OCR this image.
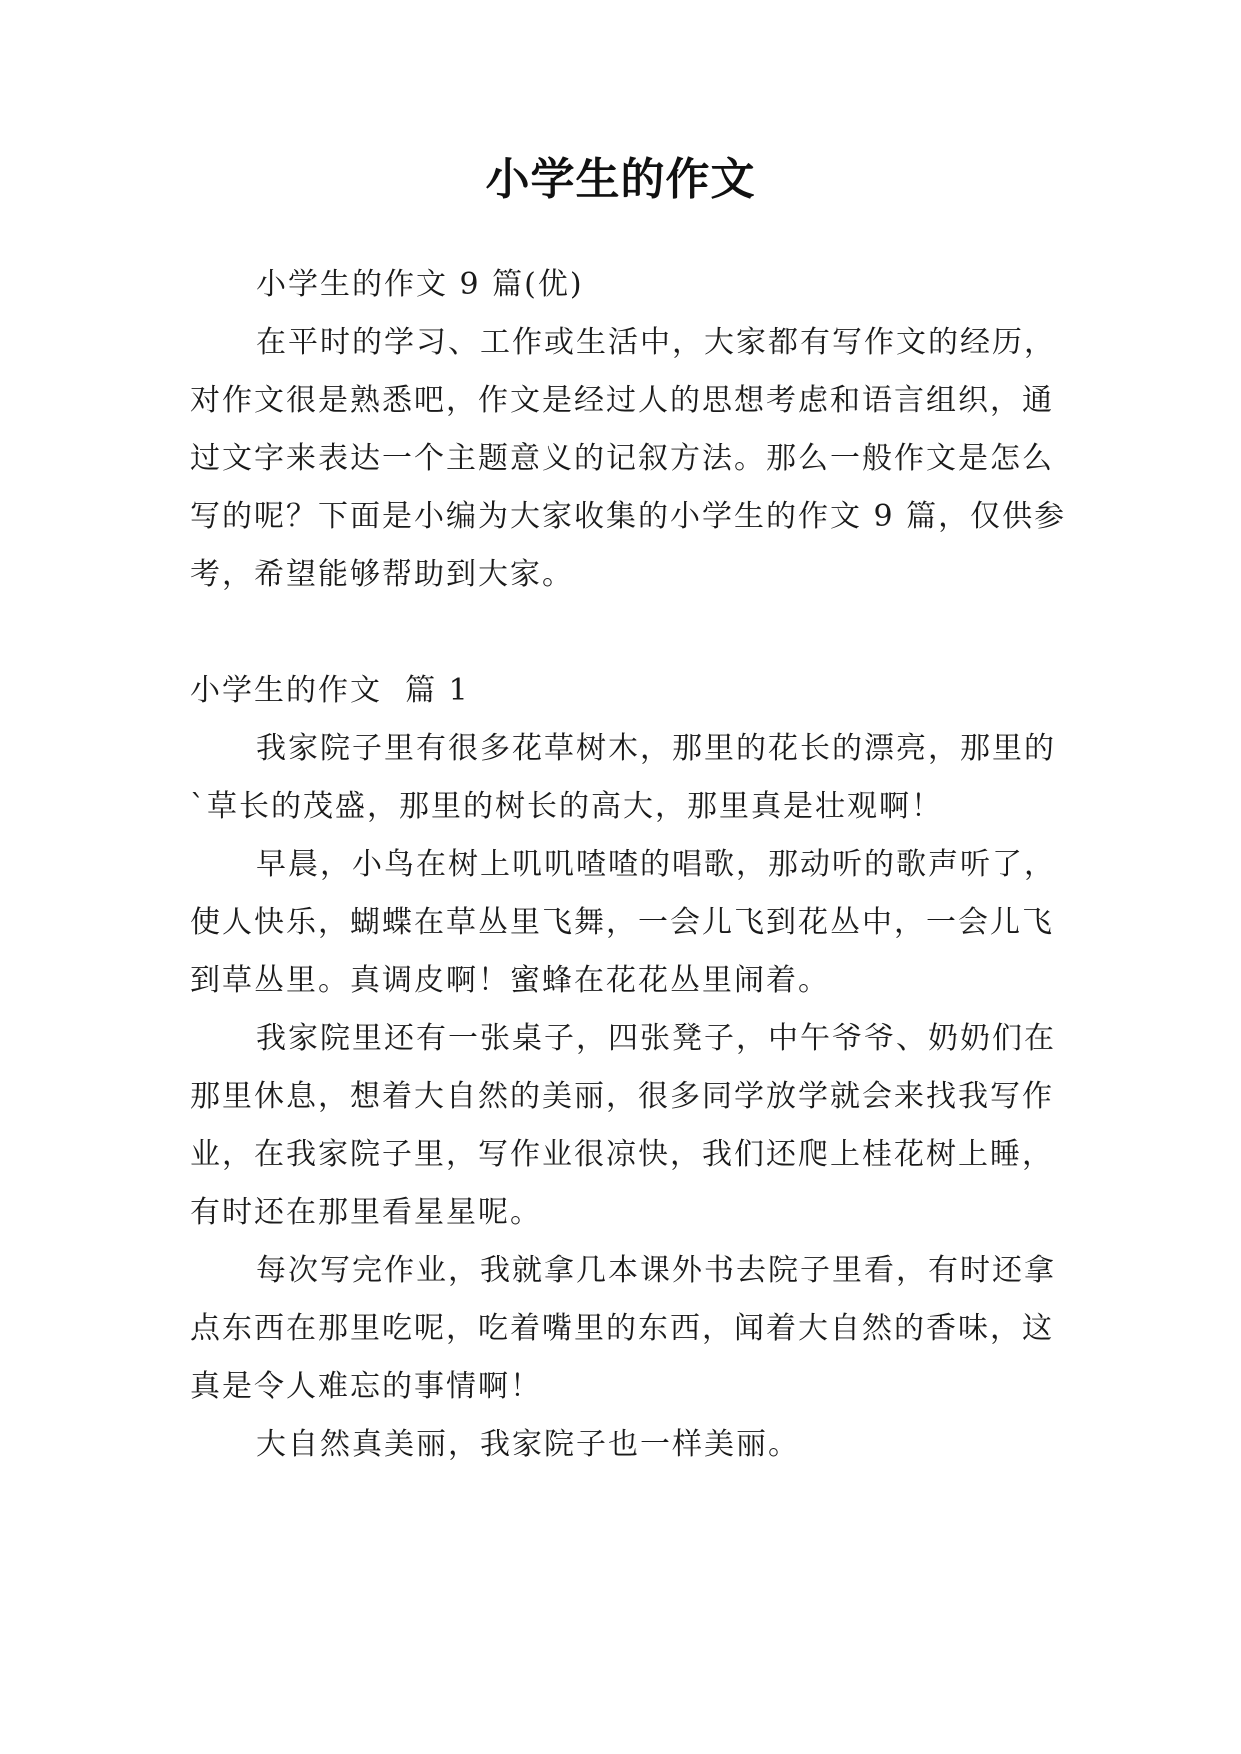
小学生的作文

小学生的作文 9 篇(优)

在平时的学习、工作或生活中，大家都有写作文的经历，对作文很是熟悉吧，作文是经过人的思想考虑和语言组织，通过文字来表达一个主题意义的记叙方法。那么一般作文是怎么写的呢？下面是小编为大家收集的小学生的作文 9 篇，仅供参考，希望能够帮助到大家。

小学生的作文  篇 1

我家院子里有很多花草树木，那里的花长的漂亮，那里的`草长的茂盛，那里的树长的高大，那里真是壮观啊！

早晨，小鸟在树上叽叽喳喳的唱歌，那动听的歌声听了，使人快乐，蝴蝶在草丛里飞舞，一会儿飞到花丛中，一会儿飞到草丛里。真调皮啊！蜜蜂在花花丛里闹着。

我家院里还有一张桌子，四张凳子，中午爷爷、奶奶们在那里休息，想着大自然的美丽，很多同学放学就会来找我写作业，在我家院子里，写作业很凉快，我们还爬上桂花树上睡，有时还在那里看星星呢。

每次写完作业，我就拿几本课外书去院子里看，有时还拿点东西在那里吃呢，吃着嘴里的东西，闻着大自然的香味，这真是令人难忘的事情啊！

大自然真美丽，我家院子也一样美丽。
